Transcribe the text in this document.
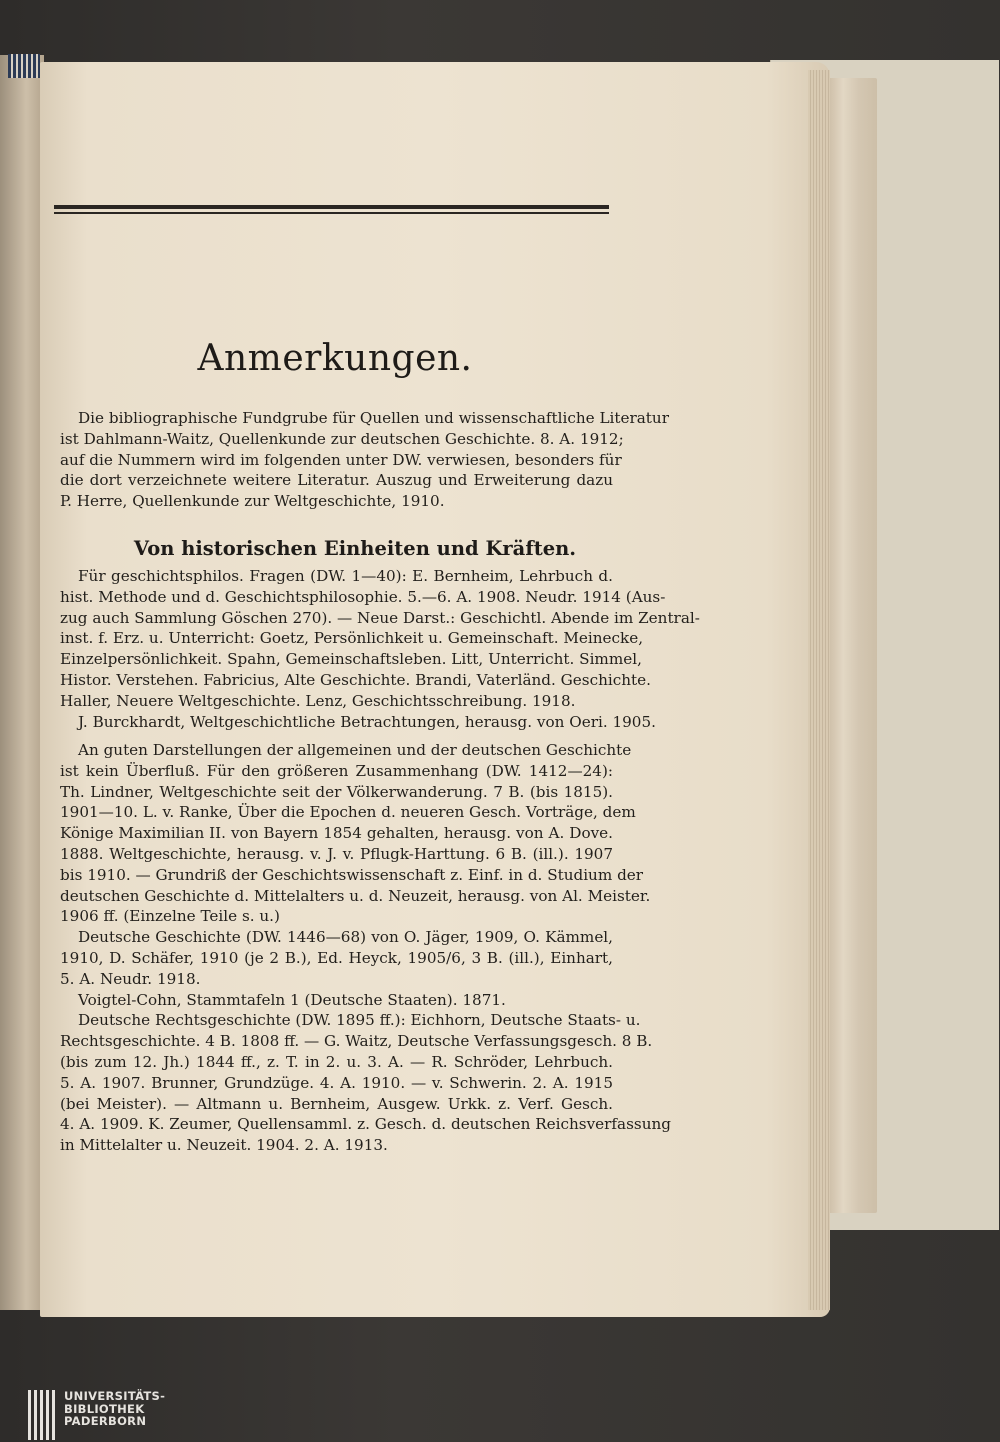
Anmerkungen.
Die bibliographische Fundgrube für Quellen und wissenschaftliche Literatur
ist Dahlmann-Waitz, Quellenkunde zur deutschen Geschichte. 8. A. 1912;
auf die Nummern wird im folgenden unter DW. verwiesen, besonders für
die dort verzeichnete weitere Literatur. Auszug und Erweiterung dazu
P. Herre, Quellenkunde zur Weltgeschichte, 1910.
Von historischen Einheiten und Kräften.
Für geschichtsphilos. Fragen (DW. 1—40): E. Bernheim, Lehrbuch d.
hist. Methode und d. Geschichtsphilosophie. 5.—6. A. 1908. Neudr. 1914 (Aus-
zug auch Sammlung Göschen 270). — Neue Darst.: Geschichtl. Abende im Zentral-
inst. f. Erz. u. Unterricht: Goetz, Persönlichkeit u. Gemeinschaft. Meinecke,
Einzelpersönlichkeit. Spahn, Gemeinschaftsleben. Litt, Unterricht. Simmel,
Histor. Verstehen. Fabricius, Alte Geschichte. Brandi, Vaterländ. Geschichte.
Haller, Neuere Weltgeschichte. Lenz, Geschichtsschreibung. 1918.
J. Burckhardt, Weltgeschichtliche Betrachtungen, herausg. von Oeri. 1905.
An guten Darstellungen der allgemeinen und der deutschen Geschichte
ist kein Überfluß. Für den größeren Zusammenhang (DW. 1412—24):
Th. Lindner, Weltgeschichte seit der Völkerwanderung. 7 B. (bis 1815).
1901—10. L. v. Ranke, Über die Epochen d. neueren Gesch. Vorträge, dem
Könige Maximilian II. von Bayern 1854 gehalten, herausg. von A. Dove.
1888. Weltgeschichte, herausg. v. J. v. Pflugk-Harttung. 6 B. (ill.). 1907
bis 1910. — Grundriß der Geschichtswissenschaft z. Einf. in d. Studium der
deutschen Geschichte d. Mittelalters u. d. Neuzeit, herausg. von Al. Meister.
1906 ff. (Einzelne Teile s. u.)
Deutsche Geschichte (DW. 1446—68) von O. Jäger, 1909, O. Kämmel,
1910, D. Schäfer, 1910 (je 2 B.), Ed. Heyck, 1905/6, 3 B. (ill.), Einhart,
5. A. Neudr. 1918.
Voigtel-Cohn, Stammtafeln 1 (Deutsche Staaten). 1871.
Deutsche Rechtsgeschichte (DW. 1895 ff.): Eichhorn, Deutsche Staats- u.
Rechtsgeschichte. 4 B. 1808 ff. — G. Waitz, Deutsche Verfassungsgesch. 8 B.
(bis zum 12. Jh.) 1844 ff., z. T. in 2. u. 3. A. — R. Schröder, Lehrbuch.
5. A. 1907. Brunner, Grundzüge. 4. A. 1910. — v. Schwerin. 2. A. 1915
(bei Meister). — Altmann u. Bernheim, Ausgew. Urkk. z. Verf. Gesch.
4. A. 1909. K. Zeumer, Quellensamml. z. Gesch. d. deutschen Reichsverfassung
in Mittelalter u. Neuzeit. 1904. 2. A. 1913.
UNIVERSITÄTS-
BIBLIOTHEK
PADERBORN
